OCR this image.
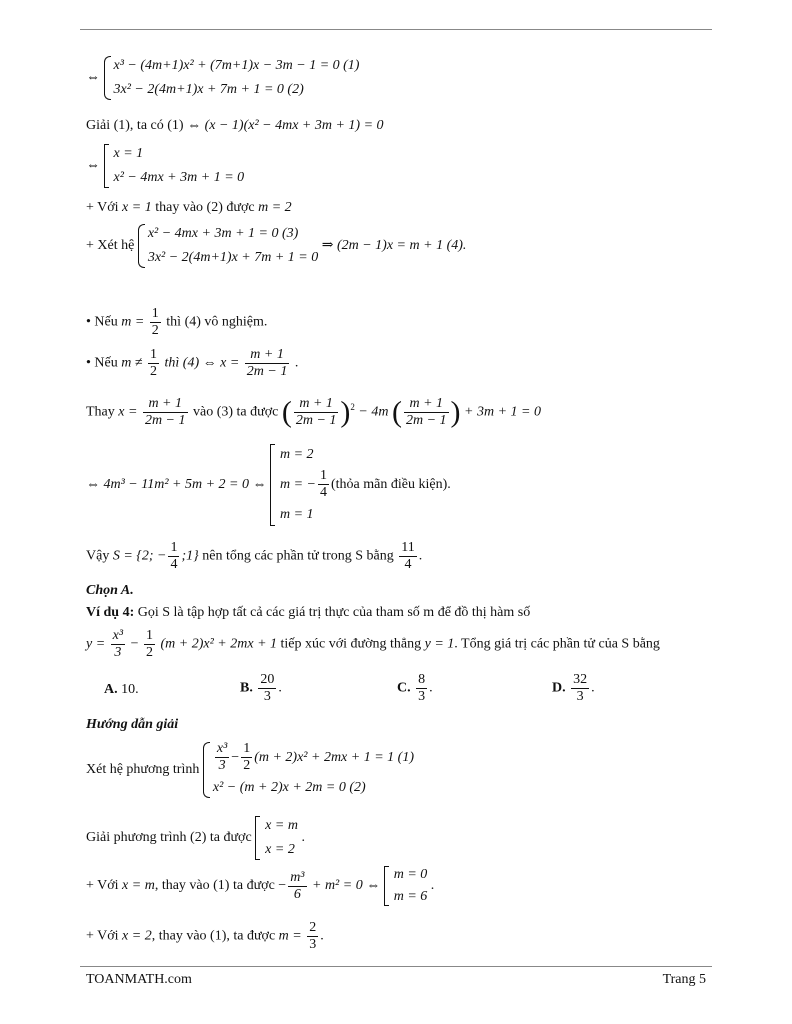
⇔
x³ − (4m+1)x² + (7m+1)x − 3m − 1 = 0 (1)
3x² − 2(4m+1)x + 7m + 1 = 0 (2)
Giải (1), ta có (1) ⇔ (x − 1)(x² − 4mx + 3m + 1) = 0
⇔
x = 1
x² − 4mx + 3m + 1 = 0
+ Với x = 1 thay vào (2) được m = 2
+ Xét hệ
x² − 4mx + 3m + 1 = 0 (3)
3x² − 2(4m+1)x + 7m + 1 = 0
⇒ (2m − 1)x = m + 1 (4).
• Nếu $m = \frac{1}{2}$ thì (4) vô nghiệm.
• Nếu $m \ne \frac{1}{2}$ thì (4) ⇔ $x = \frac{m + 1}{2m - 1}$ .
Thay $x = \frac{m + 1}{2m - 1}$ vào (3) ta được ( $\frac{m + 1}{2m - 1} )^2 - 4m$ ( $\frac{m + 1}{2m - 1}$ ) + 3m + 1 = 0
⇔ 4m³ − 11m² + 5m + 2 = 0 ⇔
m = 2
m = − $\frac{1}{4}$ (thỏa mãn điều kiện).
m = 1
Vậy S = {2; − $\frac{1}{4}$ ;1} nên tổng các phần tử trong S bằng $\frac{11}{4}$ .
Chọn A.
Ví dụ 4: Gọi S là tập hợp tất cả các giá trị thực của tham số m để đồ thị hàm số
$y = \frac{\text{x³}}{3} - \frac{1}{2} (m + 2)x^2 + 2mx + 1$ tiếp xúc với đường thẳng y = 1. Tổng giá trị các phần tử của S bằng
A. 10.	B. $\frac{20}{3}$ .	C. $\frac{8}{3}$ .	D. $\frac{32}{3}$ .
Hướng dẫn giải
Xét hệ phương trình $\frac{\text{x³}}{3} - \frac{1}{2} (m + 2)x^2 + 2mx + 1 = 1$ (1)
x² − (m + 2)x + 2m = 0 (2)
Giải phương trình (2) ta được
x = m
x = 2
.
+ Với x = m, thay vào (1) ta được − $\frac{\text{m³}}{6} + m^2 = 0$ ⇔
m = 0
m = 6
.
+ Với x = 2, thay vào (1), ta được $m = \frac{2}{3}$ .
TOANMATH.com	Trang 5
